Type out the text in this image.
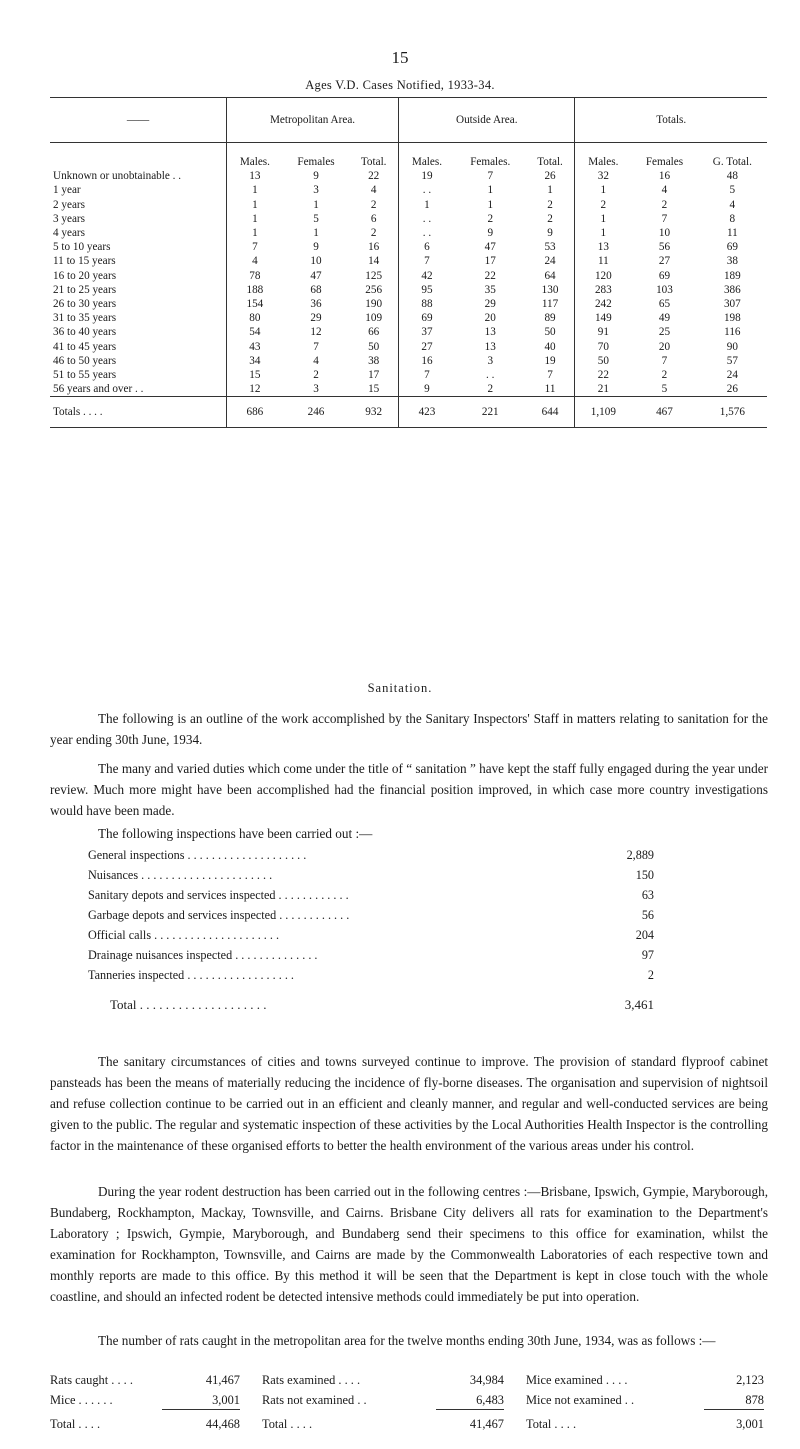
15
Ages V.D. Cases Notified, 1933-34.
——	Metropolitan Area.			Outside Area.			Totals.		
	Males.	Females	Total.	Males.	Females.	Total.	Males.	Females	G. Total.
Unknown or unobtainable . .	13	9	22	19	7	26	32	16	48
1 year	1	3	4	. .	1	1	1	4	5
2 years	1	1	2	1	1	2	2	2	4
3 years	1	5	6	. .	2	2	1	7	8
4 years	1	1	2	. .	9	9	1	10	11
5 to 10 years	7	9	16	6	47	53	13	56	69
11 to 15 years	4	10	14	7	17	24	11	27	38
16 to 20 years	78	47	125	42	22	64	120	69	189
21 to 25 years	188	68	256	95	35	130	283	103	386
26 to 30 years	154	36	190	88	29	117	242	65	307
31 to 35 years	80	29	109	69	20	89	149	49	198
36 to 40 years	54	12	66	37	13	50	91	25	116
41 to 45 years	43	7	50	27	13	40	70	20	90
46 to 50 years	34	4	38	16	3	19	50	7	57
51 to 55 years	15	2	17	7	. .	7	22	2	24
56 years and over . .	12	3	15	9	2	11	21	5	26
Totals . . . .	686	246	932	423	221	644	1,109	467	1,576
Sanitation.
The following is an outline of the work accomplished by the Sanitary Inspectors' Staff in matters relating to sanitation for the year ending 30th June, 1934.
The many and varied duties which come under the title of “ sanitation ” have kept the staff fully engaged during the year under review. Much more might have been accomplished had the financial position improved, in which case more country investigations would have been made.
The following inspections have been carried out :—
General inspections . . . . . . . . . . . . . . . . . . . .	2,889
Nuisances . . . . . . . . . . . . . . . . . . . . . .	150
Sanitary depots and services inspected . . . . . . . . . . . .	63
Garbage depots and services inspected . . . . . . . . . . . .	56
Official calls . . . . . . . . . . . . . . . . . . . . .	204
Drainage nuisances inspected . . . . . . . . . . . . . .	97
Tanneries inspected . . . . . . . . . . . . . . . . . .	2
Total . . . . . . . . . . . . . . . . . . . .	3,461
The sanitary circumstances of cities and towns surveyed continue to improve. The provision of standard flyproof cabinet pansteads has been the means of materially reducing the incidence of fly-borne diseases. The organisation and supervision of nightsoil and refuse collection continue to be carried out in an efficient and cleanly manner, and regular and well-conducted services are being given to the public. The regular and systematic inspection of these activities by the Local Authorities Health Inspector is the controlling factor in the maintenance of these organised efforts to better the health environment of the various areas under his control.
During the year rodent destruction has been carried out in the following centres :—Brisbane, Ipswich, Gympie, Maryborough, Bundaberg, Rockhampton, Mackay, Townsville, and Cairns. Brisbane City delivers all rats for examination to the Department's Laboratory ; Ipswich, Gympie, Maryborough, and Bundaberg send their specimens to this office for examination, whilst the examination for Rockhampton, Townsville, and Cairns are made by the Commonwealth Laboratories of each respective town and monthly reports are made to this office. By this method it will be seen that the Department is kept in close touch with the whole coastline, and should an infected rodent be detected intensive methods could immediately be put into operation.
The number of rats caught in the metropolitan area for the twelve months ending 30th June, 1934, was as follows :—
Rats caught . . . .	41,467	Rats examined . . . .	34,984	Mice examined . . . .	2,123
Mice . . . . . .	3,001	Rats not examined . .	6,483	Mice not examined . .	878
Total . . . .	44,468	Total . . . .	41,467	Total . . . .	3,001
